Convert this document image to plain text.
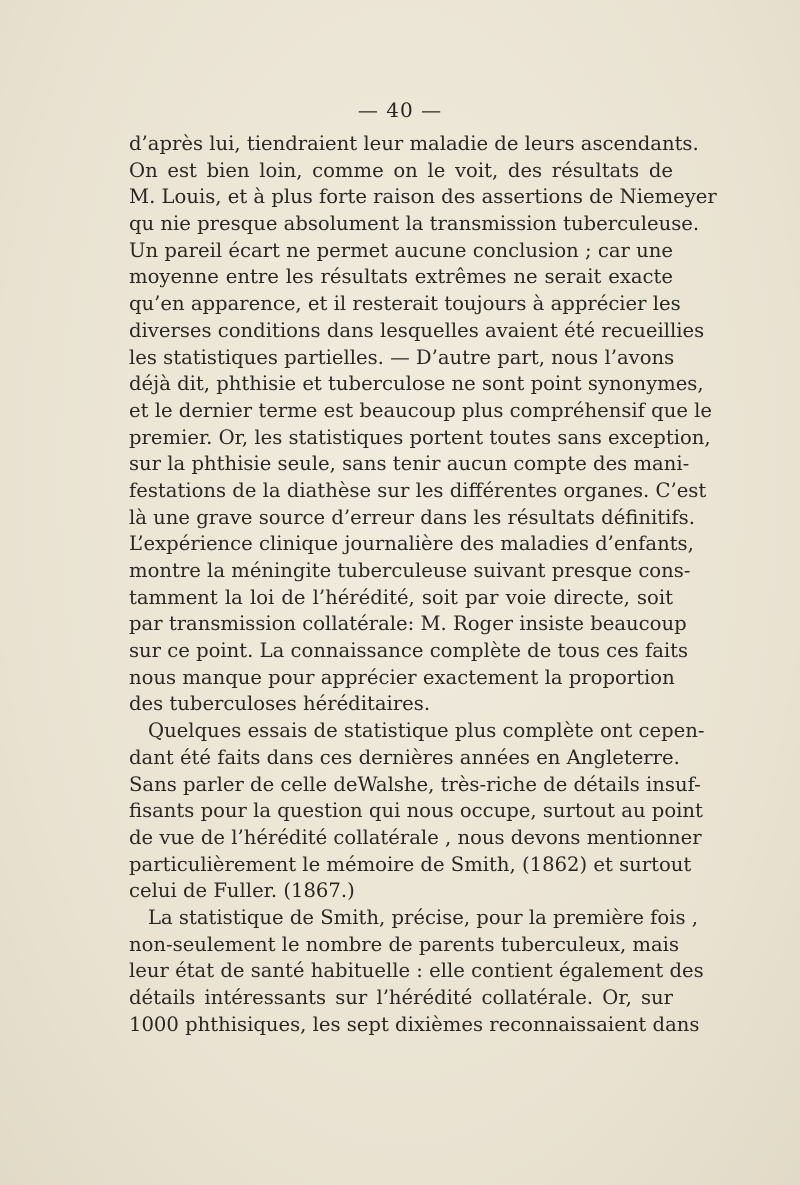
— 40 —
d’après lui, tiendraient leur maladie de leurs ascendants.
On est bien loin, comme on le voit, des résultats de
M. Louis, et à plus forte raison des assertions de Niemeyer
qu nie presque absolument la transmission tuberculeuse.
Un pareil écart ne permet aucune conclusion ; car une
moyenne entre les résultats extrêmes ne serait exacte
qu’en apparence, et il resterait toujours à apprécier les
diverses conditions dans lesquelles avaient été recueillies
les statistiques partielles. — D’autre part, nous l’avons
déjà dit, phthisie et tuberculose ne sont point synonymes,
et le dernier terme est beaucoup plus compréhensif que le
premier. Or, les statistiques portent toutes sans exception,
sur la phthisie seule, sans tenir aucun compte des mani-
festations de la diathèse sur les différentes organes. C’est
là une grave source d’erreur dans les résultats définitifs.
L’expérience clinique journalière des maladies d’enfants,
montre la méningite tuberculeuse suivant presque cons-
tamment la loi de l’hérédité, soit par voie directe, soit
par transmission collatérale: M. Roger insiste beaucoup
sur ce point. La connaissance complète de tous ces faits
nous manque pour apprécier exactement la proportion
des tuberculoses héréditaires.
Quelques essais de statistique plus complète ont cepen-
dant été faits dans ces dernières années en Angleterre.
Sans parler de celle deWalshe, très-riche de détails insuf-
fisants pour la question qui nous occupe, surtout au point
de vue de l’hérédité collatérale , nous devons mentionner
particulièrement le mémoire de Smith, (1862) et surtout
celui de Fuller. (1867.)
La statistique de Smith, précise, pour la première fois ,
non-seulement le nombre de parents tuberculeux, mais
leur état de santé habituelle : elle contient également des
détails intéressants sur l’hérédité collatérale. Or, sur
1000 phthisiques, les sept dixièmes reconnaissaient dans
